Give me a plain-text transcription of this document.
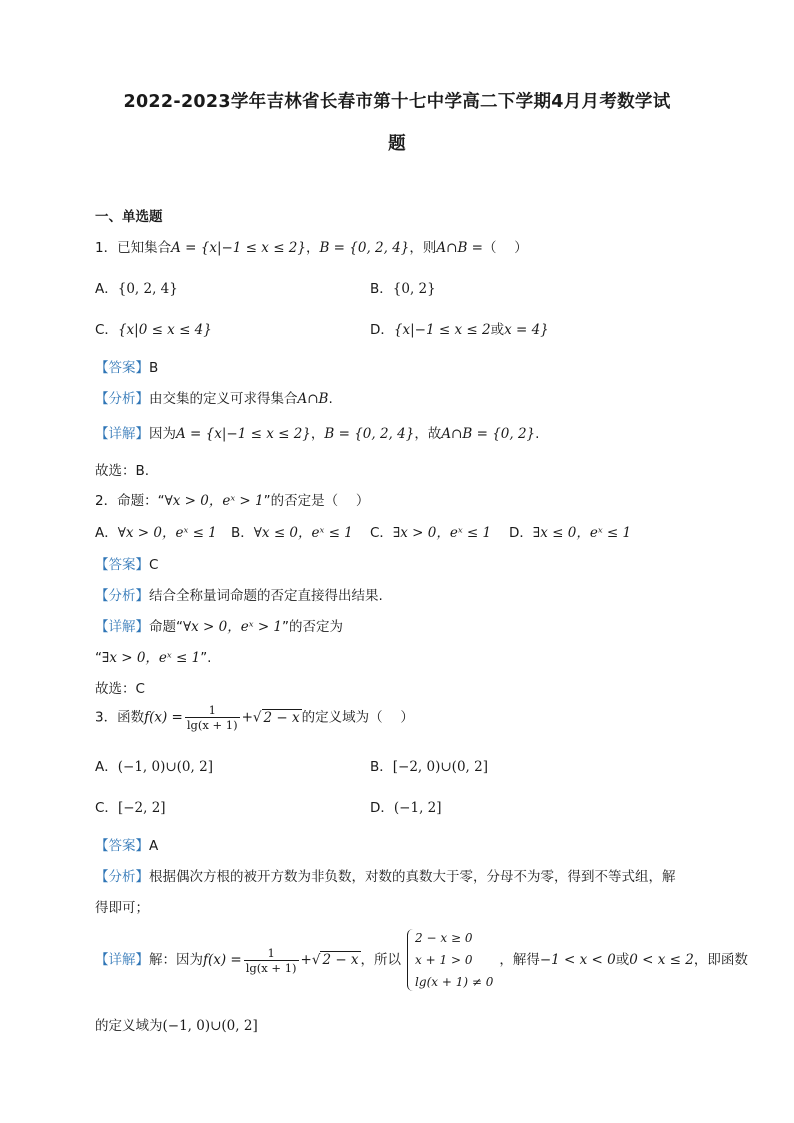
2022-2023学年吉林省长春市第十七中学高二下学期4月月考数学试
题
一、单选题
1．已知集合A = {x|−1 ≤ x ≤ 2}，B = {0, 2, 4}，则A∩B =（　 ）
A．{0, 2, 4}	B．{0, 2}
C．{x|0 ≤ x ≤ 4}	D．{x|−1 ≤ x ≤ 2或x = 4}
【答案】B
【分析】由交集的定义可求得集合A∩B.
【详解】因为A = {x|−1 ≤ x ≤ 2}，B = {0, 2, 4}，故A∩B = {0, 2}.
故选：B.
2．命题：“∀x > 0，eˣ > 1”的否定是（　 ）
A．∀x > 0，eˣ ≤ 1 B．∀x ≤ 0，eˣ ≤ 1 C．∃x > 0，eˣ ≤ 1 D．∃x ≤ 0，eˣ ≤ 1
【答案】C
【分析】结合全称量词命题的否定直接得出结果.
【详解】命题“∀x > 0，eˣ > 1”的否定为
“∃x > 0，eˣ ≤ 1”.
故选：C
3．函数$f(x) = \frac{1}{\lg(x + 1)}$ +√ 2 − x 的定义域为（　 ）
A．(−1, 0)∪(0, 2]	B．[−2, 0)∪(0, 2]
C．[−2, 2]	D．(−1, 2]
【答案】A
【分析】根据偶次方根的被开方数为非负数，对数的真数大于零，分母不为零，得到不等式组，解
得即可；
【详解】解：因为$f(x) = \frac{1}{\lg(x + 1)}$ +√ 2 − x ，所以
2 − x ≥ 0
x + 1 > 0
lg(x + 1) ≠ 0
，解得−1 < x < 0或0 < x ≤ 2，即函数
的定义域为(−1, 0)∪(0, 2]
